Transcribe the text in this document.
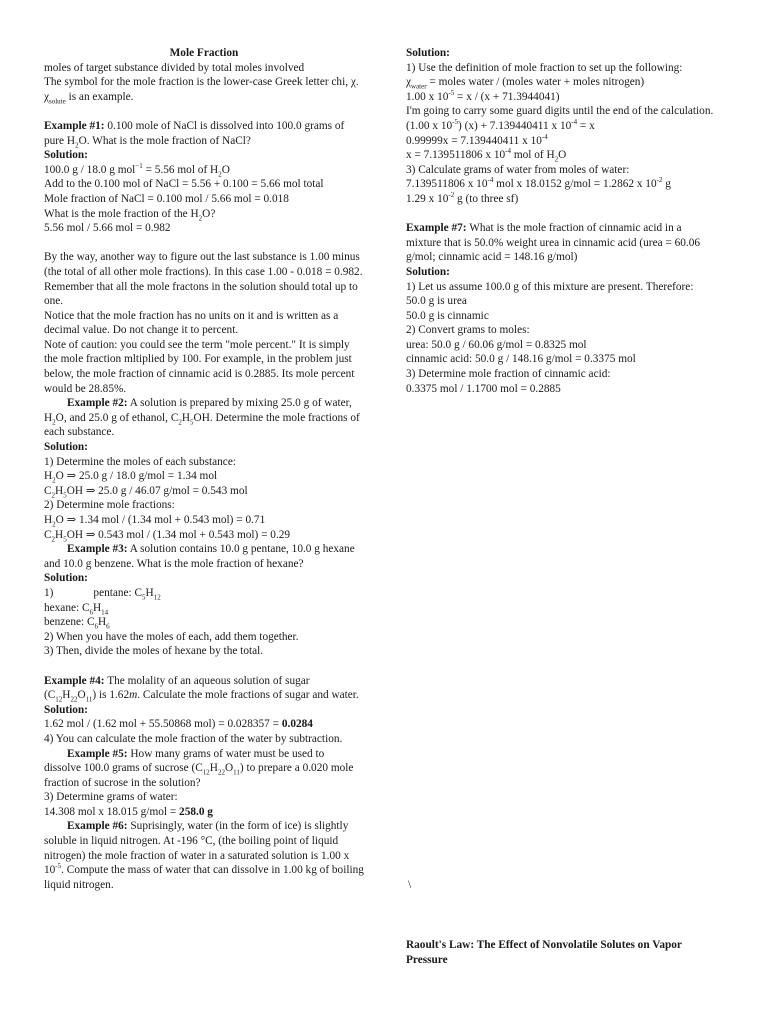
Mole Fraction

moles of target substance divided by total moles involved

The symbol for the mole fraction is the lower-case Greek letter chi, χ. $\chi_{solute}$ is an example.

Example #1: 0.100 mole of NaCl is dissolved into 100.0 grams of pure $H_2O$. What is the mole fraction of NaCl?

Solution:

100.0 g / 18.0 g mol$^{-1}$ = 5.56 mol of $H_2O$

Add to the 0.100 mol of NaCl = 5.56 + 0.100 = 5.66 mol total

Mole fraction of NaCl = 0.100 mol / 5.66 mol = 0.018

What is the mole fraction of the $H_2O$?

5.56 mol / 5.66 mol = 0.982

By the way, another way to figure out the last substance is 1.00 minus (the total of all other mole fractions). In this case 1.00 - 0.018 = 0.982. Remember that all the mole fractons in the solution should total up to one.

Notice that the mole fraction has no units on it and is written as a decimal value. Do not change it to percent.

Note of caution: you could see the term "mole percent." It is simply the mole fraction mltiplied by 100. For example, in the problem just below, the mole fraction of cinnamic acid is 0.2885. Its mole percent would be 28.85%.

Example #2: A solution is prepared by mixing 25.0 g of water, $H_2O$, and 25.0 g of ethanol, $C_2H_5OH$. Determine the mole fractions of each substance.

Solution:

1) Determine the moles of each substance:

$H_2O$ ⇒ 25.0 g / 18.0 g/mol = 1.34 mol

$C_2H_5OH$ ⇒ 25.0 g / 46.07 g/mol = 0.543 mol

2) Determine mole fractions:

$H_2O$ ⇒ 1.34 mol / (1.34 mol + 0.543 mol) = 0.71

$C_2H_5OH$ ⇒ 0.543 mol / (1.34 mol + 0.543 mol) = 0.29

Example #3: A solution contains 10.0 g pentane, 10.0 g hexane and 10.0 g benzene. What is the mole fraction of hexane?

Solution:

1)	pentane: $C_5H_{12}$

hexane: $C_6H_{14}$

benzene: $C_6H_6$

2) When you have the moles of each, add them together.

3) Then, divide the moles of hexane by the total.

Example #4: The molality of an aqueous solution of sugar $(C_{12}H_{22}O_{11})$ is 1.62m. Calculate the mole fractions of sugar and water.

Solution:

1.62 mol / (1.62 mol + 55.50868 mol) = 0.028357 = 0.0284

4) You can calculate the mole fraction of the water by subtraction.

Example #5: How many grams of water must be used to dissolve 100.0 grams of sucrose $(C_{12}H_{22}O_{11})$ to prepare a 0.020 mole fraction of sucrose in the solution?

3) Determine grams of water:

14.308 mol x 18.015 g/mol = 258.0 g

Example #6: Suprisingly, water (in the form of ice) is slightly soluble in liquid nitrogen. At -196 °C, (the boiling point of liquid nitrogen) the mole fraction of water in a saturated solution is 1.00 x $10^{-5}$. Compute the mass of water that can dissolve in 1.00 kg of boiling liquid nitrogen.

Solution:

1) Use the definition of mole fraction to set up the following:

$\chi_{water}$ = moles water / (moles water + moles nitrogen)

1.00 x $10^{-5} = x / (x + 71.3944041)$

I'm going to carry some guard digits until the end of the calculation.

(1.00 x $10^{-5}$) (x) + 7.139440411 x $10^{-4} = x$

0.99999x = 7.139440411 x $10^{-4}$

x = 7.139511806 x $10^{-4}$ mol of $H_2O$

3) Calculate grams of water from moles of water:

7.139511806 x $10^{-4}$ mol x 18.0152 g/mol = 1.2862 x $10^{-2}$ g

1.29 x $10^{-2}$ g (to three sf)

Example #7: What is the mole fraction of cinnamic acid in a mixture that is 50.0% weight urea in cinnamic acid (urea = 60.06 g/mol; cinnamic acid = 148.16 g/mol)

Solution:

1) Let us assume 100.0 g of this mixture are present. Therefore:

50.0 g is urea

50.0 g is cinnamic

2) Convert grams to moles:

urea: 50.0 g / 60.06 g/mol = 0.8325 mol

cinnamic acid: 50.0 g / 148.16 g/mol = 0.3375 mol

3) Determine mole fraction of cinnamic acid:

0.3375 mol / 1.1700 mol = 0.2885

\

Raoult's Law: The Effect of Nonvolatile Solutes on Vapor Pressure
